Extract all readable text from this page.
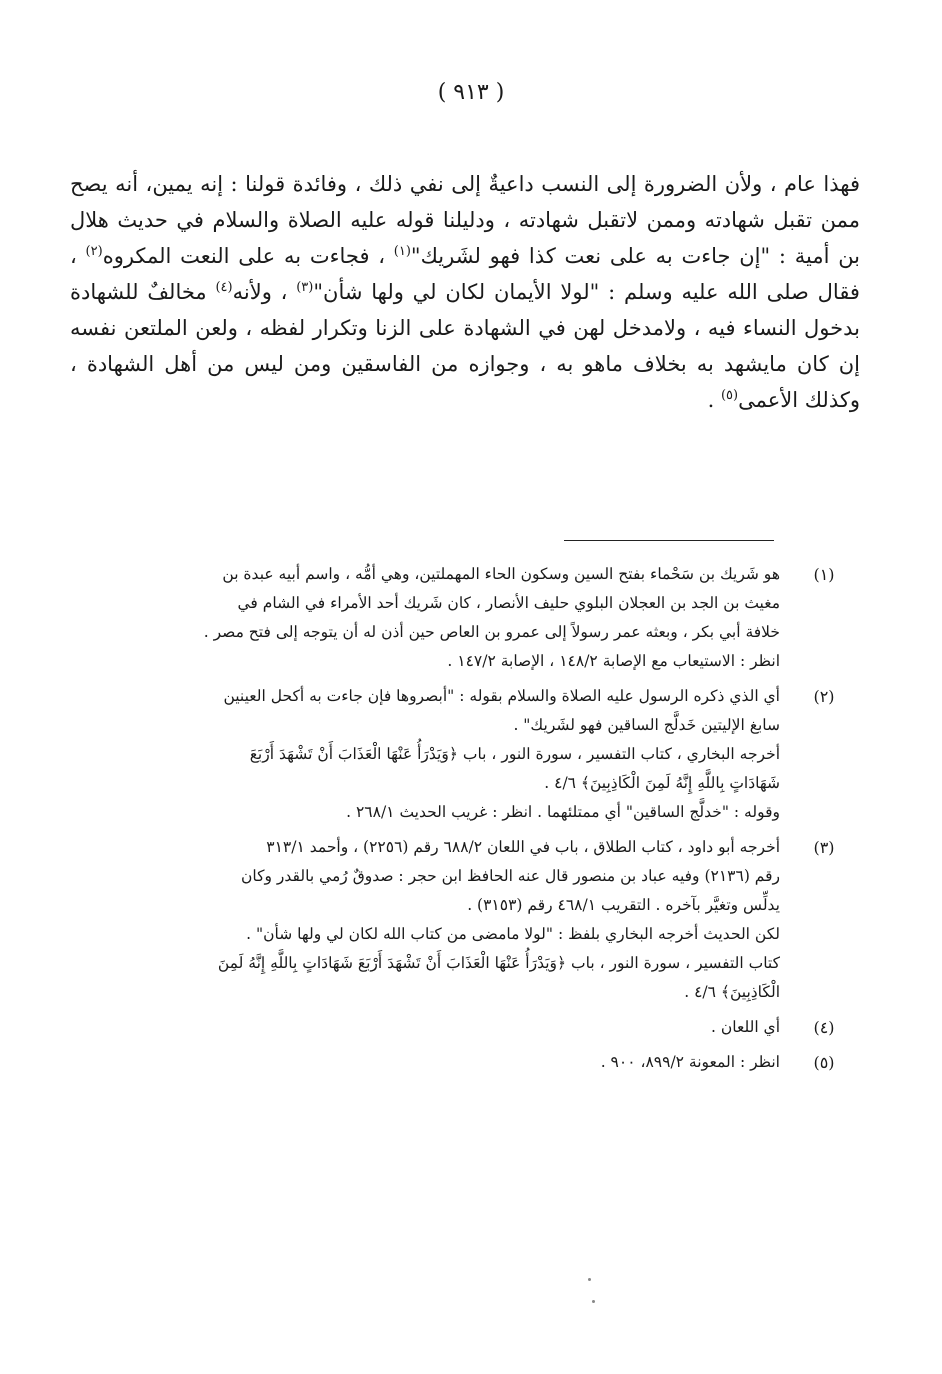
( ٩١٣ )

فهذا عام ، ولأن الضرورة إلى النسب داعيةٌ إلى نفي ذلك ، وفائدة قولنا : إنه يمين، أنه يصح ممن تقبل شهادته وممن لاتقبل شهادته ، ودليلنا قوله عليه الصلاة والسلام في حديث هلال بن أمية : "إن جاءت به على نعت كذا فهو لشَريك"$^{(١)}$ ، فجاءت به على النعت المكروه$^{(٢)}$ ، فقال صلى الله عليه وسلم : "لولا الأيمان لكان لي ولها شأن"$^{(٣)}$ ، ولأنه$^{(٤)}$ مخالفٌ للشهادة بدخول النساء فيه ، ولامدخل لهن في الشهادة على الزنا وتكرار لفظه ، ولعن الملتعن نفسه إن كان مايشهد به بخلاف ماهو به ، وجوازه من الفاسقين ومن ليس من أهل الشهادة ، وكذلك الأعمى$^{(٥)}$ .

(١)
هو شَريك بن سَحْماء بفتح السين وسكون الحاء المهملتين، وهي أمُّه ، واسم أبيه عبدة بن
مغيث بن الجد بن العجلان البلوي حليف الأنصار ، كان شَريك أحد الأمراء في الشام في
خلافة أبي بكر ، وبعثه عمر رسولاً إلى عمرو بن العاص حين أذن له أن يتوجه إلى فتح مصر .
انظر : الاستيعاب مع الإصابة ١٤٨/٢ ، الإصابة ١٤٧/٢ .
(٢)
أي الذي ذكره الرسول عليه الصلاة والسلام بقوله : "أبصروها فإن جاءت به أكحل العينين
سابغ الإليتين خَدلَّج الساقين فهو لشَريك" .
أخرجه البخاري ، كتاب التفسير ، سورة النور ، باب ﴿وَيَدْرَأُ عَنْهَا الْعَذَابَ أَنْ تَشْهَدَ أَرْبَعَ
شَهَادَاتٍ بِاللَّهِ إِنَّهُ لَمِنَ الْكَاذِبِينَ﴾ ٤/٦ .
وقوله : "خدلَّج الساقين" أي ممتلئهما . انظر : غريب الحديث ٢٦٨/١ .
(٣)
أخرجه أبو داود ، كتاب الطلاق ، باب في اللعان ٦٨٨/٢ رقم (٢٢٥٦) ، وأحمد ٣١٣/١
رقم (٢١٣٦) وفيه عباد بن منصور قال عنه الحافظ ابن حجر : صدوقٌ رُمي بالقدر وكان
يدلِّس وتغيَّر بآخره . التقريب ٤٦٨/١ رقم (٣١٥٣) .
لكن الحديث أخرجه البخاري بلفظ : "لولا مامضى من كتاب الله لكان لي ولها شأن" .
كتاب التفسير ، سورة النور ، باب ﴿وَيَدْرَأُ عَنْهَا الْعَذَابَ أَنْ تَشْهَدَ أَرْبَعَ شَهَادَاتٍ بِاللَّهِ إِنَّهُ لَمِنَ
الْكَاذِبِينَ﴾ ٤/٦ .
(٤)
أي اللعان .
(٥)
انظر : المعونة ٨٩٩/٢، ٩٠٠ .
